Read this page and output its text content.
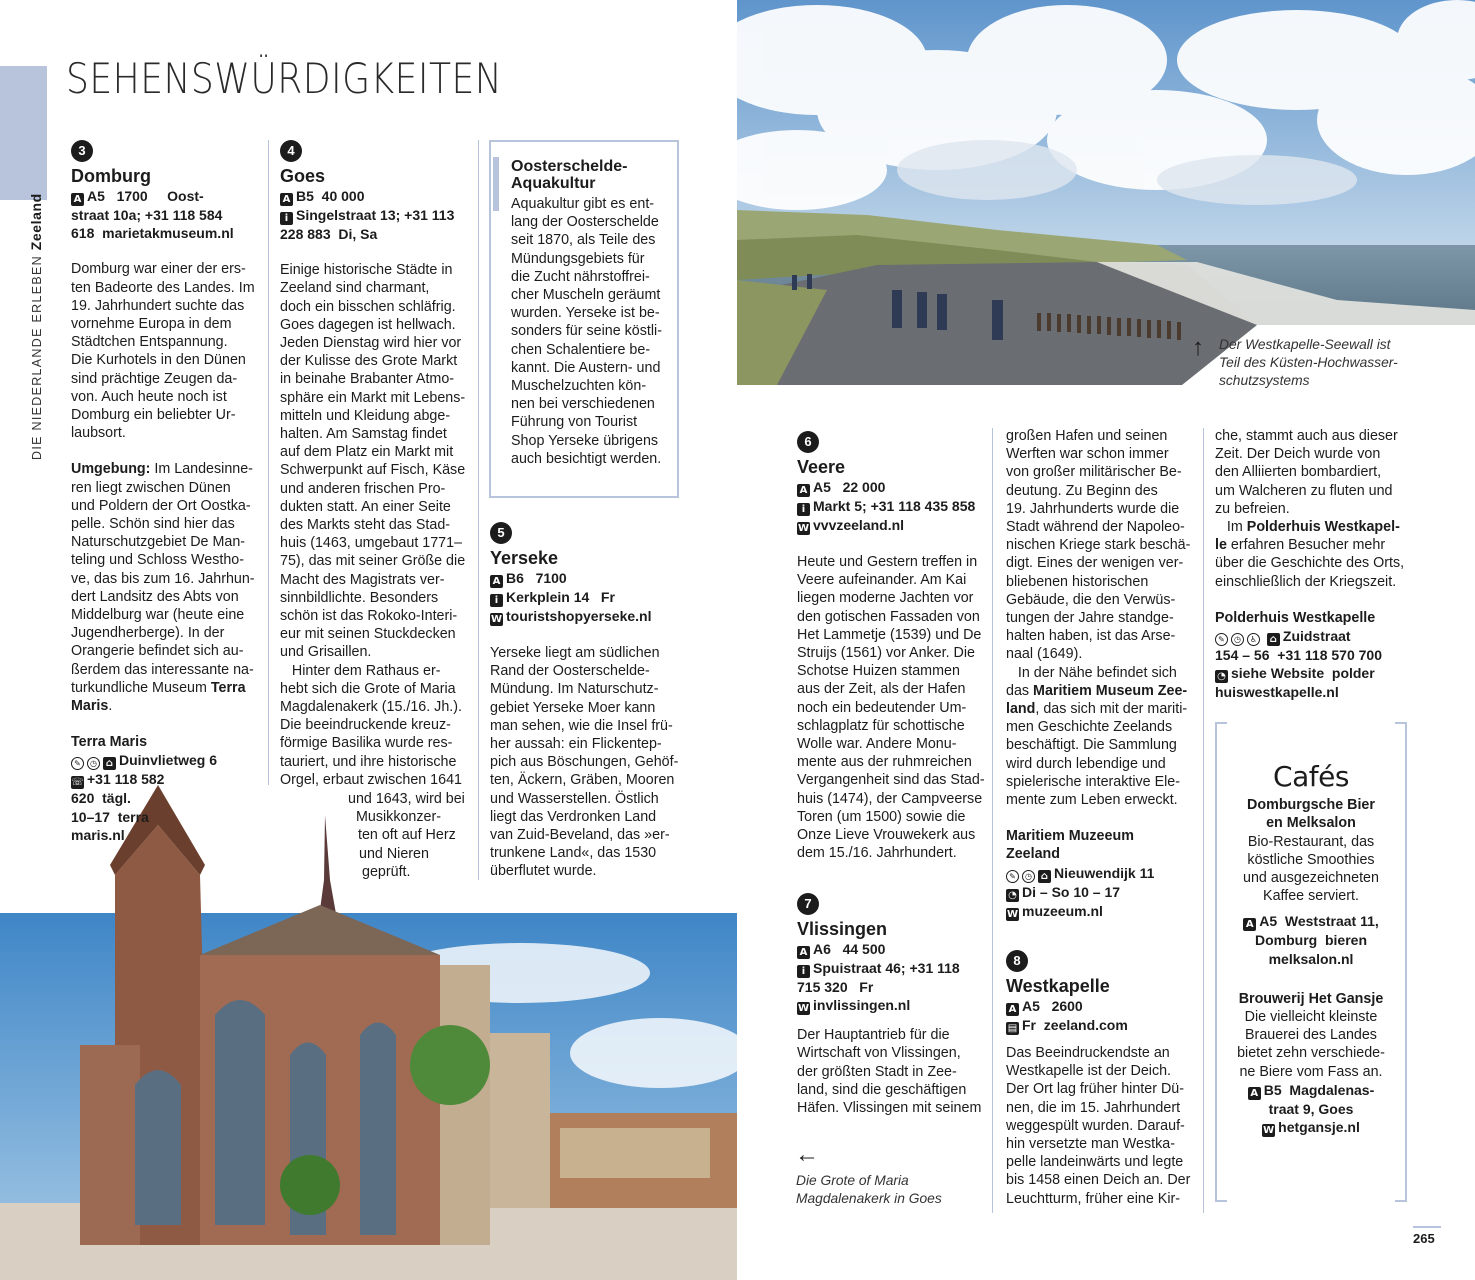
DIE NIEDERLANDE ERLEBEN Zeeland
SEHENSWÜRDIGKEITEN
↑ Der Westkapelle-Seewall ist
Teil des Küsten-Hochwasser-
schutzsystems
←
Die Grote of Maria
Magdalenakerk in Goes
3
Domburg
A A5   1700     Oost-
straat 10a; +31 118 584
618  marietakmuseum.nl
Domburg war einer der ers-
ten Badeorte des Landes. Im
19. Jahrhundert suchte das
vornehme Europa in dem
Städtchen Entspannung.
Die Kurhotels in den Dünen
sind prächtige Zeugen da-
von. Auch heute noch ist
Domburg ein beliebter Ur-
laubsort.
Umgebung: Im Landesinne-
ren liegt zwischen Dünen
und Poldern der Ort Oostka-
pelle. Schön sind hier das
Naturschutzgebiet De Man-
teling und Schloss Westho-
ve, das bis zum 16. Jahrhun-
dert Landsitz des Abts von
Middelburg war (heute eine
Jugendherberge). In der
Orangerie befindet sich au-
ßerdem das interessante na-
turkundliche Museum Terra
Maris.
Terra Maris
✎ ◷ ⌂ Duinvlietweg 6
☏ +31 118 582
620  tägl.
10–17  terra
maris.nl
4
Goes
A B5  40 000
i Singelstraat 13; +31 113
228 883  Di, Sa
Einige historische Städte in
Zeeland sind charmant,
doch ein bisschen schläfrig.
Goes dagegen ist hellwach.
Jeden Dienstag wird hier vor
der Kulisse des Grote Markt
in beinahe Brabanter Atmo-
sphäre ein Markt mit Lebens-
mitteln und Kleidung abge-
halten. Am Samstag findet
auf dem Platz ein Markt mit
Schwerpunkt auf Fisch, Käse
und anderen frischen Pro-
dukten statt. An einer Seite
des Markts steht das Stad-
huis (1463, umgebaut 1771–
75), das mit seiner Größe die
Macht des Magistrats ver-
sinnbildlichte. Besonders
schön ist das Rokoko-Interi-
eur mit seinen Stuckdecken
und Grisaillen.
Hinter dem Rathaus er-
hebt sich die Grote of Maria
Magdalenakerk (15./16. Jh.).
Die beeindruckende kreuz-
förmige Basilika wurde res-
tauriert, und ihre historische
Orgel, erbaut zwischen 1641
und 1643, wird bei
Musikkonzer-
ten oft auf Herz
und Nieren
geprüft.
Oosterschelde-
Aquakultur
Aquakultur gibt es ent-
lang der Oosterschelde
seit 1870, als Teile des
Mündungsgebiets für
die Zucht nährstoffrei-
cher Muscheln geräumt
wurden. Yerseke ist be-
sonders für seine köstli-
chen Schalentiere be-
kannt. Die Austern- und
Muschelzuchten kön-
nen bei verschiedenen
Führung von Tourist
Shop Yerseke übrigens
auch besichtigt werden.
5
Yerseke
A B6   7100
i Kerkplein 14   Fr
W touristshopyerseke.nl
Yerseke liegt am südlichen
Rand der Oosterschelde-
Mündung. Im Naturschutz-
gebiet Yerseke Moer kann
man sehen, wie die Insel frü-
her aussah: ein Flickentep-
pich aus Böschungen, Gehöf-
ten, Äckern, Gräben, Mooren
und Wasserstellen. Östlich
liegt das Verdronken Land
van Zuid-Beveland, das »er-
trunkene Land«, das 1530
überflutet wurde.
6
Veere
A A5   22 000
i Markt 5; +31 118 435 858
W vvvzeeland.nl
Heute und Gestern treffen in
Veere aufeinander. Am Kai
liegen moderne Jachten vor
den gotischen Fassaden von
Het Lammetje (1539) und De
Struijs (1561) vor Anker. Die
Schotse Huizen stammen
aus der Zeit, als der Hafen
noch ein bedeutender Um-
schlagplatz für schottische
Wolle war. Andere Monu-
mente aus der ruhmreichen
Vergangenheit sind das Stad-
huis (1474), der Campveerse
Toren (um 1500) sowie die
Onze Lieve Vrouwekerk aus
dem 15./16. Jahrhundert.
7
Vlissingen
A A6   44 500
i Spuistraat 46; +31 118
715 320   Fr
W invlissingen.nl
Der Hauptantrieb für die
Wirtschaft von Vlissingen,
der größten Stadt in Zee-
land, sind die geschäftigen
Häfen. Vlissingen mit seinem
großen Hafen und seinen
Werften war schon immer
von großer militärischer Be-
deutung. Zu Beginn des
19. Jahrhunderts wurde die
Stadt während der Napoleo-
nischen Kriege stark beschä-
digt. Eines der wenigen ver-
bliebenen historischen
Gebäude, die den Verwüs-
tungen der Jahre standge-
halten haben, ist das Arse-
naal (1649).
In der Nähe befindet sich
das Maritiem Museum Zee-
land, das sich mit der mariti-
men Geschichte Zeelands
beschäftigt. Die Sammlung
wird durch lebendige und
spielerische interaktive Ele-
mente zum Leben erweckt.
Maritiem Muzeeum
Zeeland
✎ ◷ ⌂ Nieuwendijk 11
◔ Di – So 10 – 17
W muzeeum.nl
8
Westkapelle
A A5   2600
▤ Fr  zeeland.com
Das Beeindruckendste an
Westkapelle ist der Deich.
Der Ort lag früher hinter Dü-
nen, die im 15. Jahrhundert
weggespült wurden. Darauf-
hin versetzte man Westka-
pelle landeinwärts und legte
bis 1458 einen Deich an. Der
Leuchtturm, früher eine Kir-
che, stammt auch aus dieser
Zeit. Der Deich wurde von
den Alliierten bombardiert,
um Walcheren zu fluten und
zu befreien.
Im Polderhuis Westkapel-
le erfahren Besucher mehr
über die Geschichte des Orts,
einschließlich der Kriegszeit.
Polderhuis Westkapelle
✎ ◷ ♿ ⌂ Zuidstraat
154 – 56  +31 118 570 700
◔ siehe Website  polder
huiswestkapelle.nl
Cafés
Domburgsche Bier
en Melksalon
Bio-Restaurant, das
köstliche Smoothies
und ausgezeichneten
Kaffee serviert.
A A5  Weststraat 11,
Domburg  bieren
melksalon.nl
Brouwerij Het Gansje
Die vielleicht kleinste
Brauerei des Landes
bietet zehn verschiede-
ne Biere vom Fass an.
A B5  Magdalenas-
traat 9, Goes
W hetgansje.nl
265
